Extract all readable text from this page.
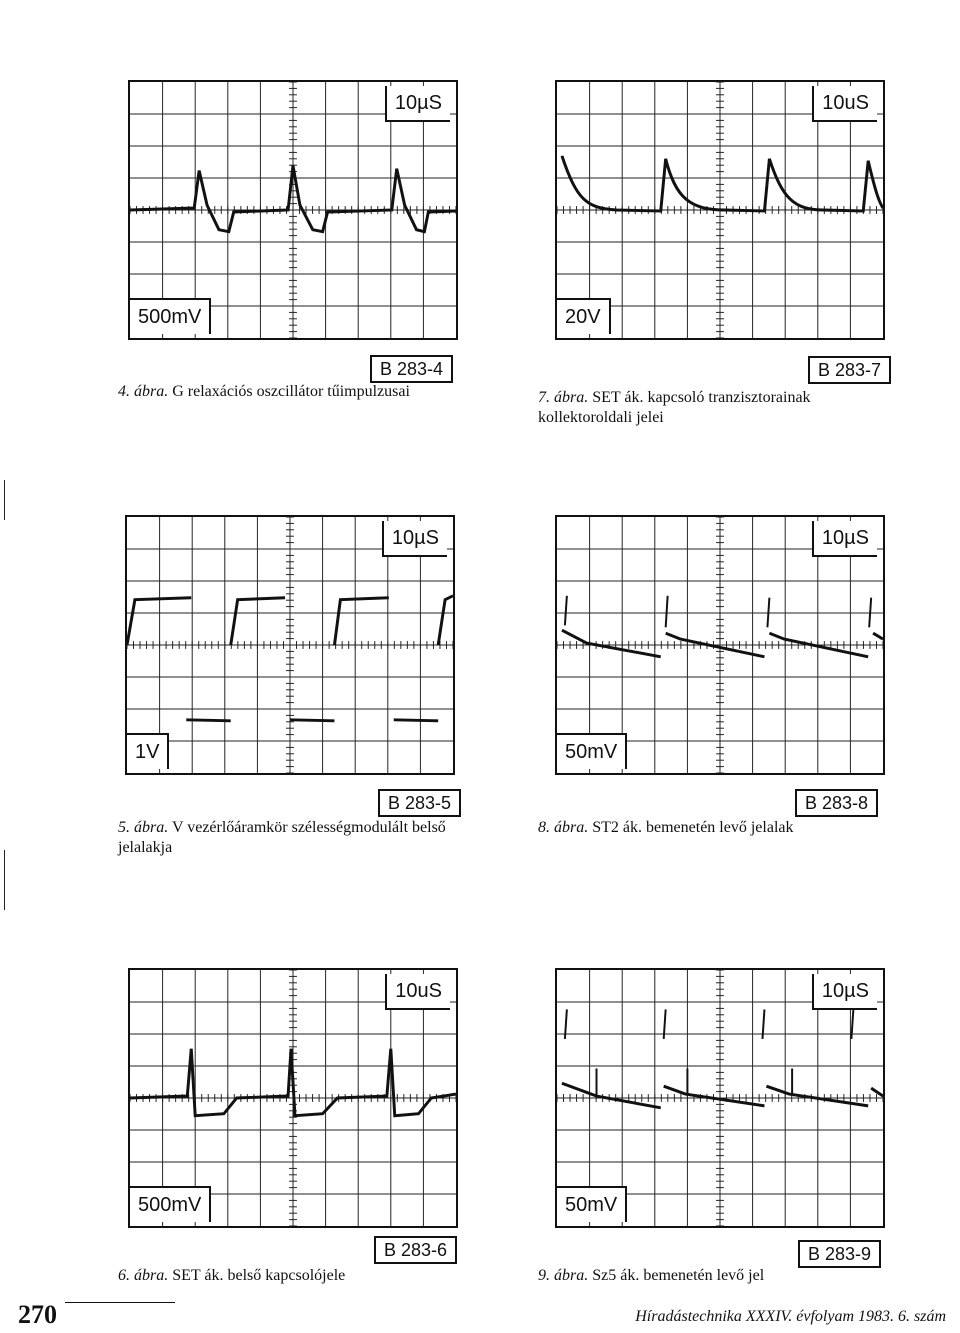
10µS
500mV
B 283-4
4. ábra. G relaxációs oszcillátor tűimpulzusai
10uS
20V
B 283-7
7. ábra. SET ák. kapcsoló tranzisztorainak kollektoroldali jelei
10µS
1V
B 283-5
5. ábra. V vezérlőáramkör szélességmodulált belső jelalakja
10µS
50mV
B 283-8
8. ábra. ST2 ák. bemenetén levő jelalak
10uS
500mV
B 283-6
6. ábra. SET ák. belső kapcsolójele
10µS
50mV
B 283-9
9. ábra. Sz5 ák. bemenetén levő jel
270	Híradástechnika XXXIV. évfolyam 1983. 6. szám
